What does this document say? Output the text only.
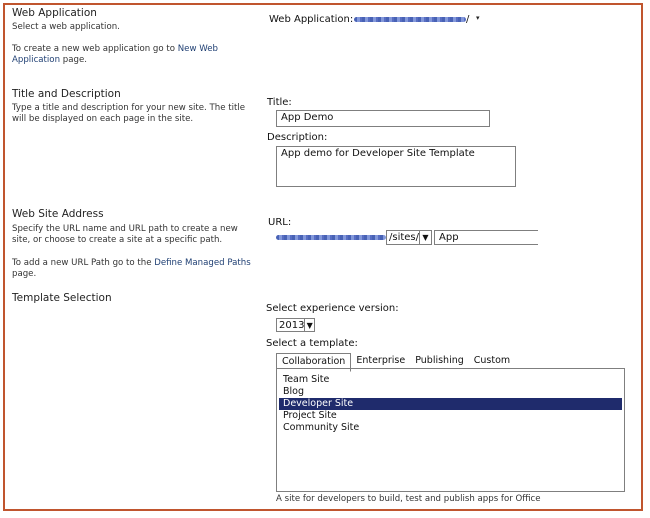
Web Application
Select a web application.
To create a new web application go to New Web Application page.
Web Application:	/ ▾
Title and Description
Type a title and description for your new site. The title will be displayed on each page in the site.
Title:
App Demo
Description:
App demo for Developer Site Template
Web Site Address
Specify the URL name and URL path to create a new site, or choose to create a site at a specific path.
To add a new URL Path go to the Define Managed Paths page.
URL:
/sites/ ▼	App
Template Selection
Select experience version:
2013 ▼
Select a template:
Collaboration	Enterprise	Publishing	Custom
Team Site
Blog
Developer Site
Project Site
Community Site
A site for developers to build, test and publish apps for Office
